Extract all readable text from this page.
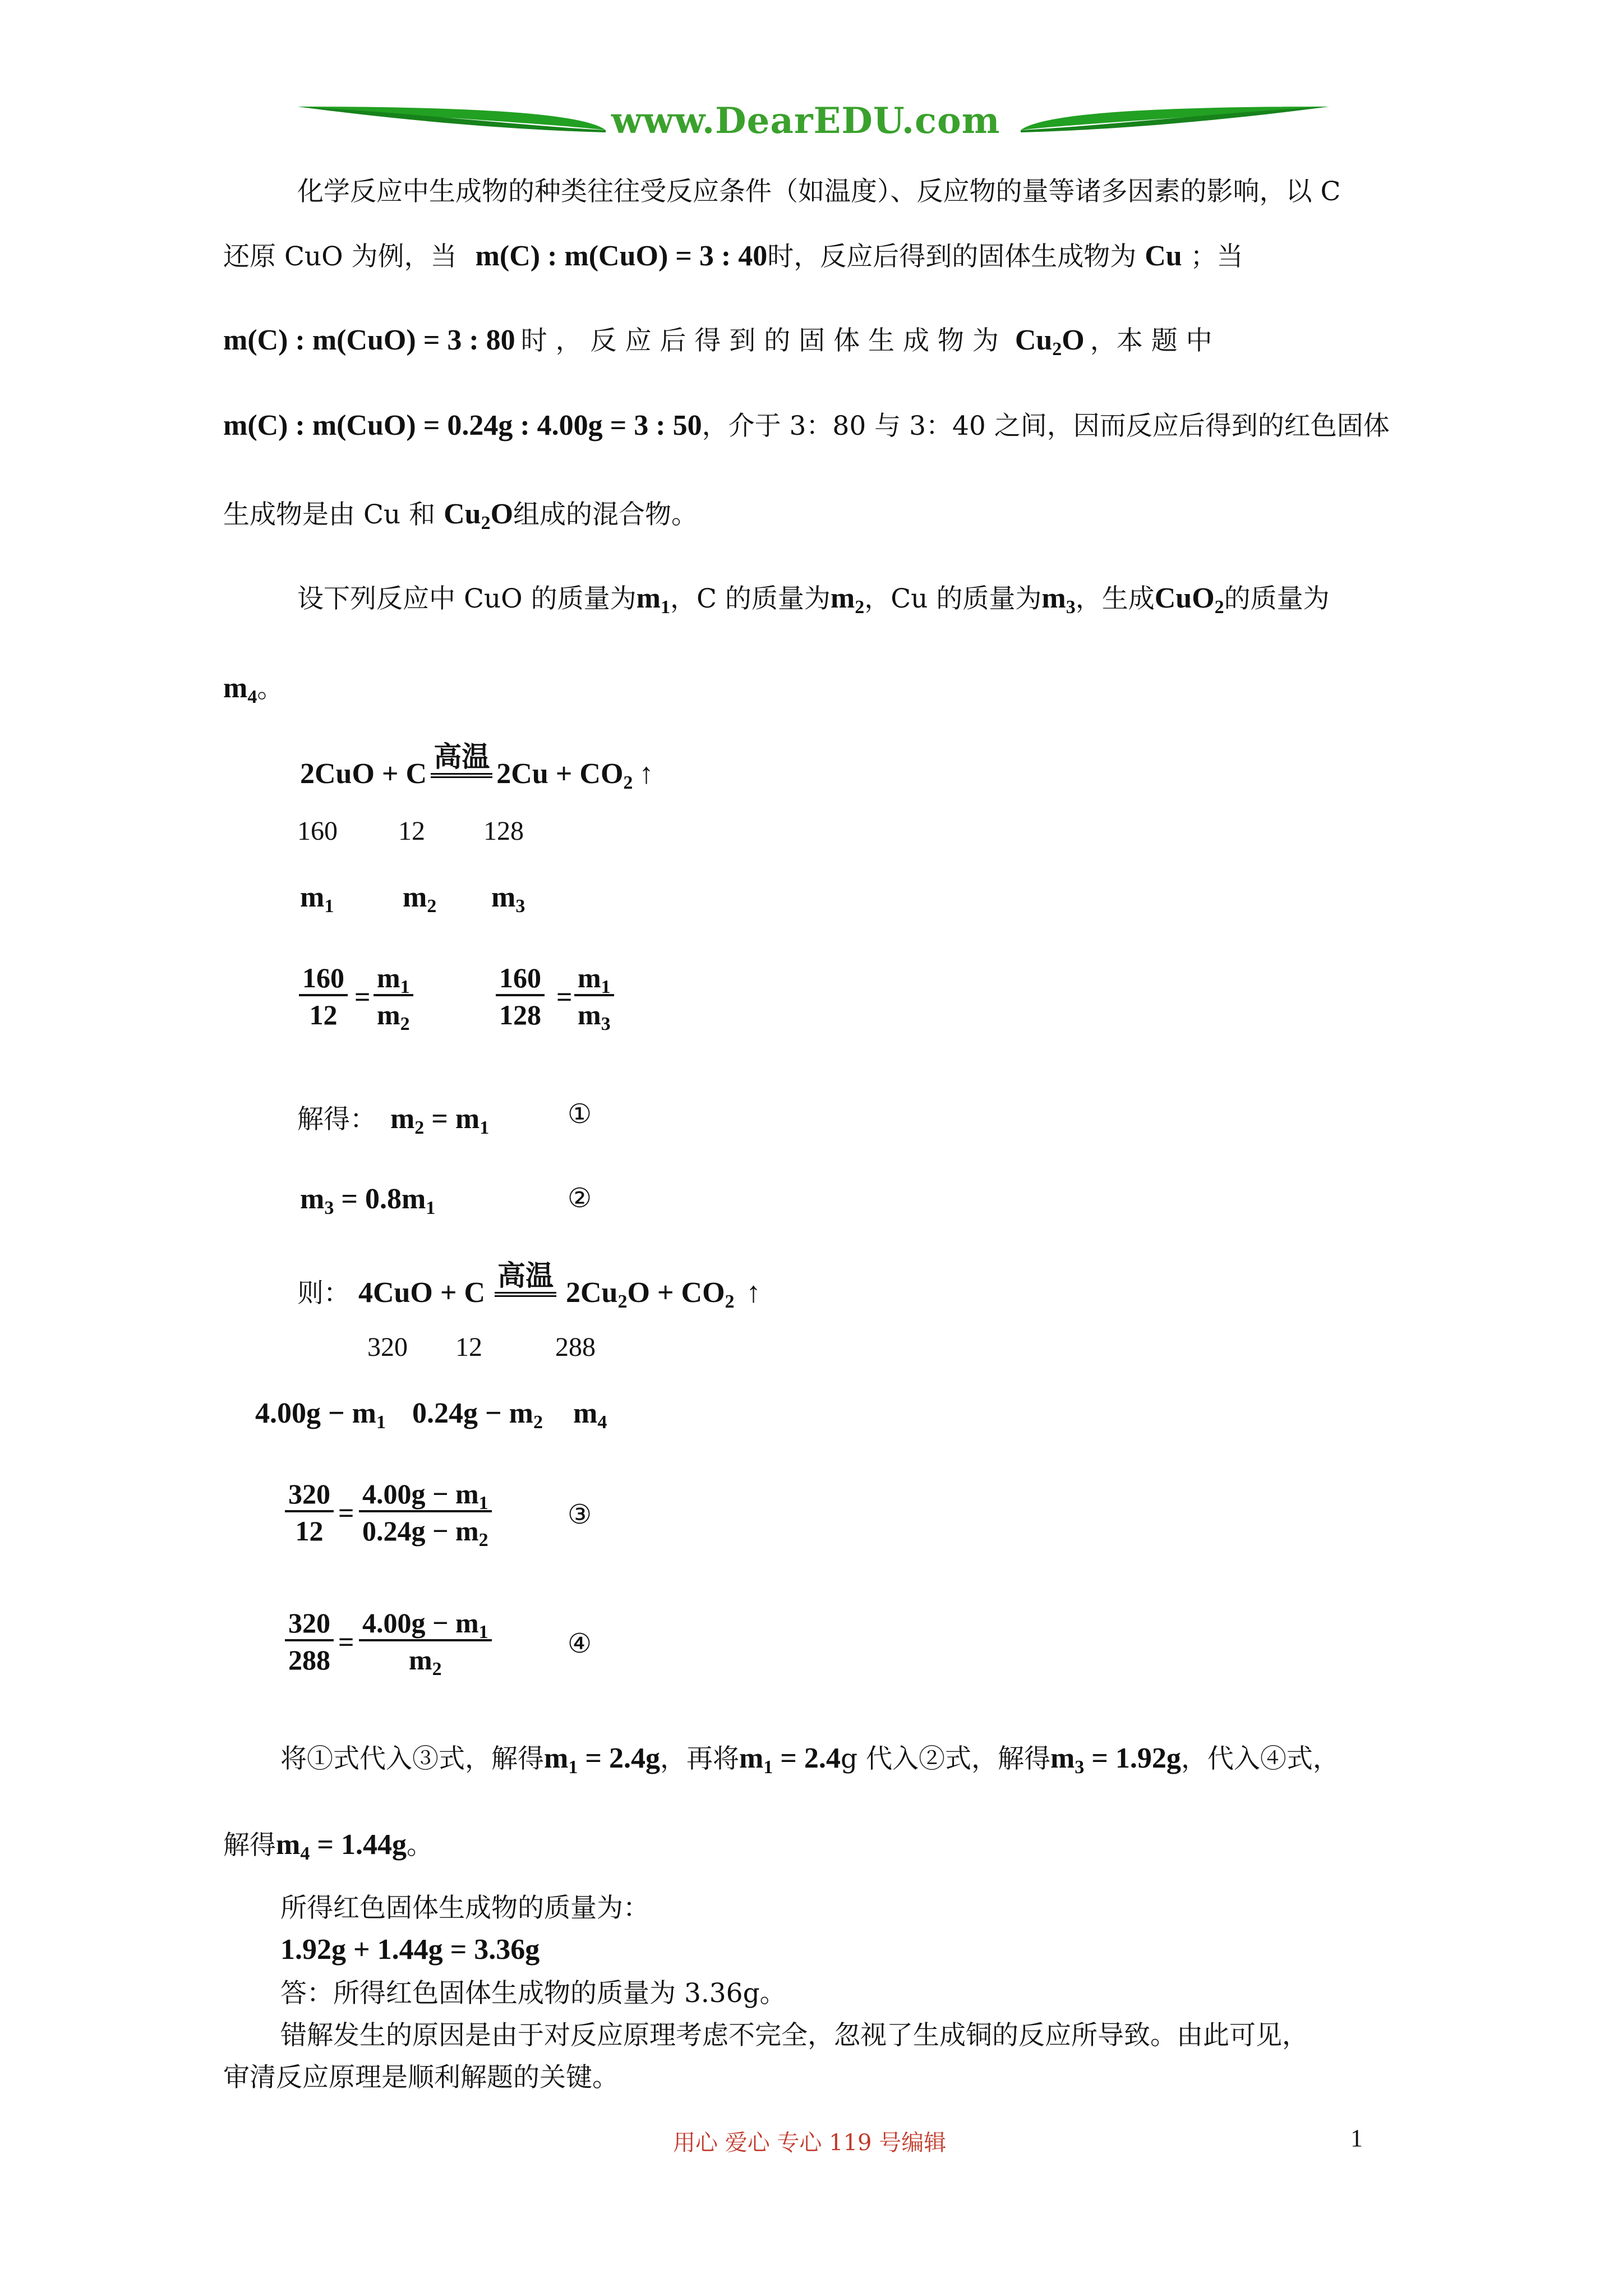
www.DearEDU.com
化学反应中生成物的种类往往受反应条件（如温度）、反应物的量等诸多因素的影响，以 C
还原 CuO 为例，当 m(C) : m(CuO) = 3 : 40时，反应后得到的固体生成物为 Cu ；当
m(C) : m(CuO) = 3 : 80 时 ， 反 应 后 得 到 的 固 体 生 成 物 为 $Cu_2O$ ，本 题 中
m(C) : m(CuO) = 0.24g : 4.00g = 3 : 50，介于 3：80 与 3：40 之间，因而反应后得到的红色固体
生成物是由 Cu 和 $Cu_2O$组成的混合物。
设下列反应中 CuO 的质量为$m_1$，C 的质量为$m_2$，Cu 的质量为$m_3$，生成CuO$_2$的质量为
$m_4$。
2CuO + C
高温
$2Cu + CO_2$ ↑
160 12 128
$m_1$ $m_2$ $m_3$
$\frac{160}{12} = \frac{m_1}{m_2}$	$\frac{160}{128} = \frac{m_1}{m_3}$
解得： $m_2 = m_1$	①
$m_3 = 0.8m_1$	②
则： 4CuO + C
高温
$2Cu_2O + CO_2$ ↑
320 12	288
$4.00g - m_1$ $0.24g - m_2$ $m_4$
$\frac{320}{12} = \frac{4.00g - m_1}{0.24g - m_2}$	③
$\frac{320}{288} = \frac{4.00g - m_1}{m_2}$	④
将①式代入③式，解得$m_1 = 2.4g$，再将$m_1 = 2.4g$ 代入②式，解得$m_3 = 1.92g$，代入④式，
解得$m_4 = 1.44g$。
所得红色固体生成物的质量为：
1.92g + 1.44g = 3.36g
答：所得红色固体生成物的质量为 3.36g。
错解发生的原因是由于对反应原理考虑不完全，忽视了生成铜的反应所导致。由此可见，
审清反应原理是顺利解题的关键。
用心 爱心 专心 119 号编辑	1
